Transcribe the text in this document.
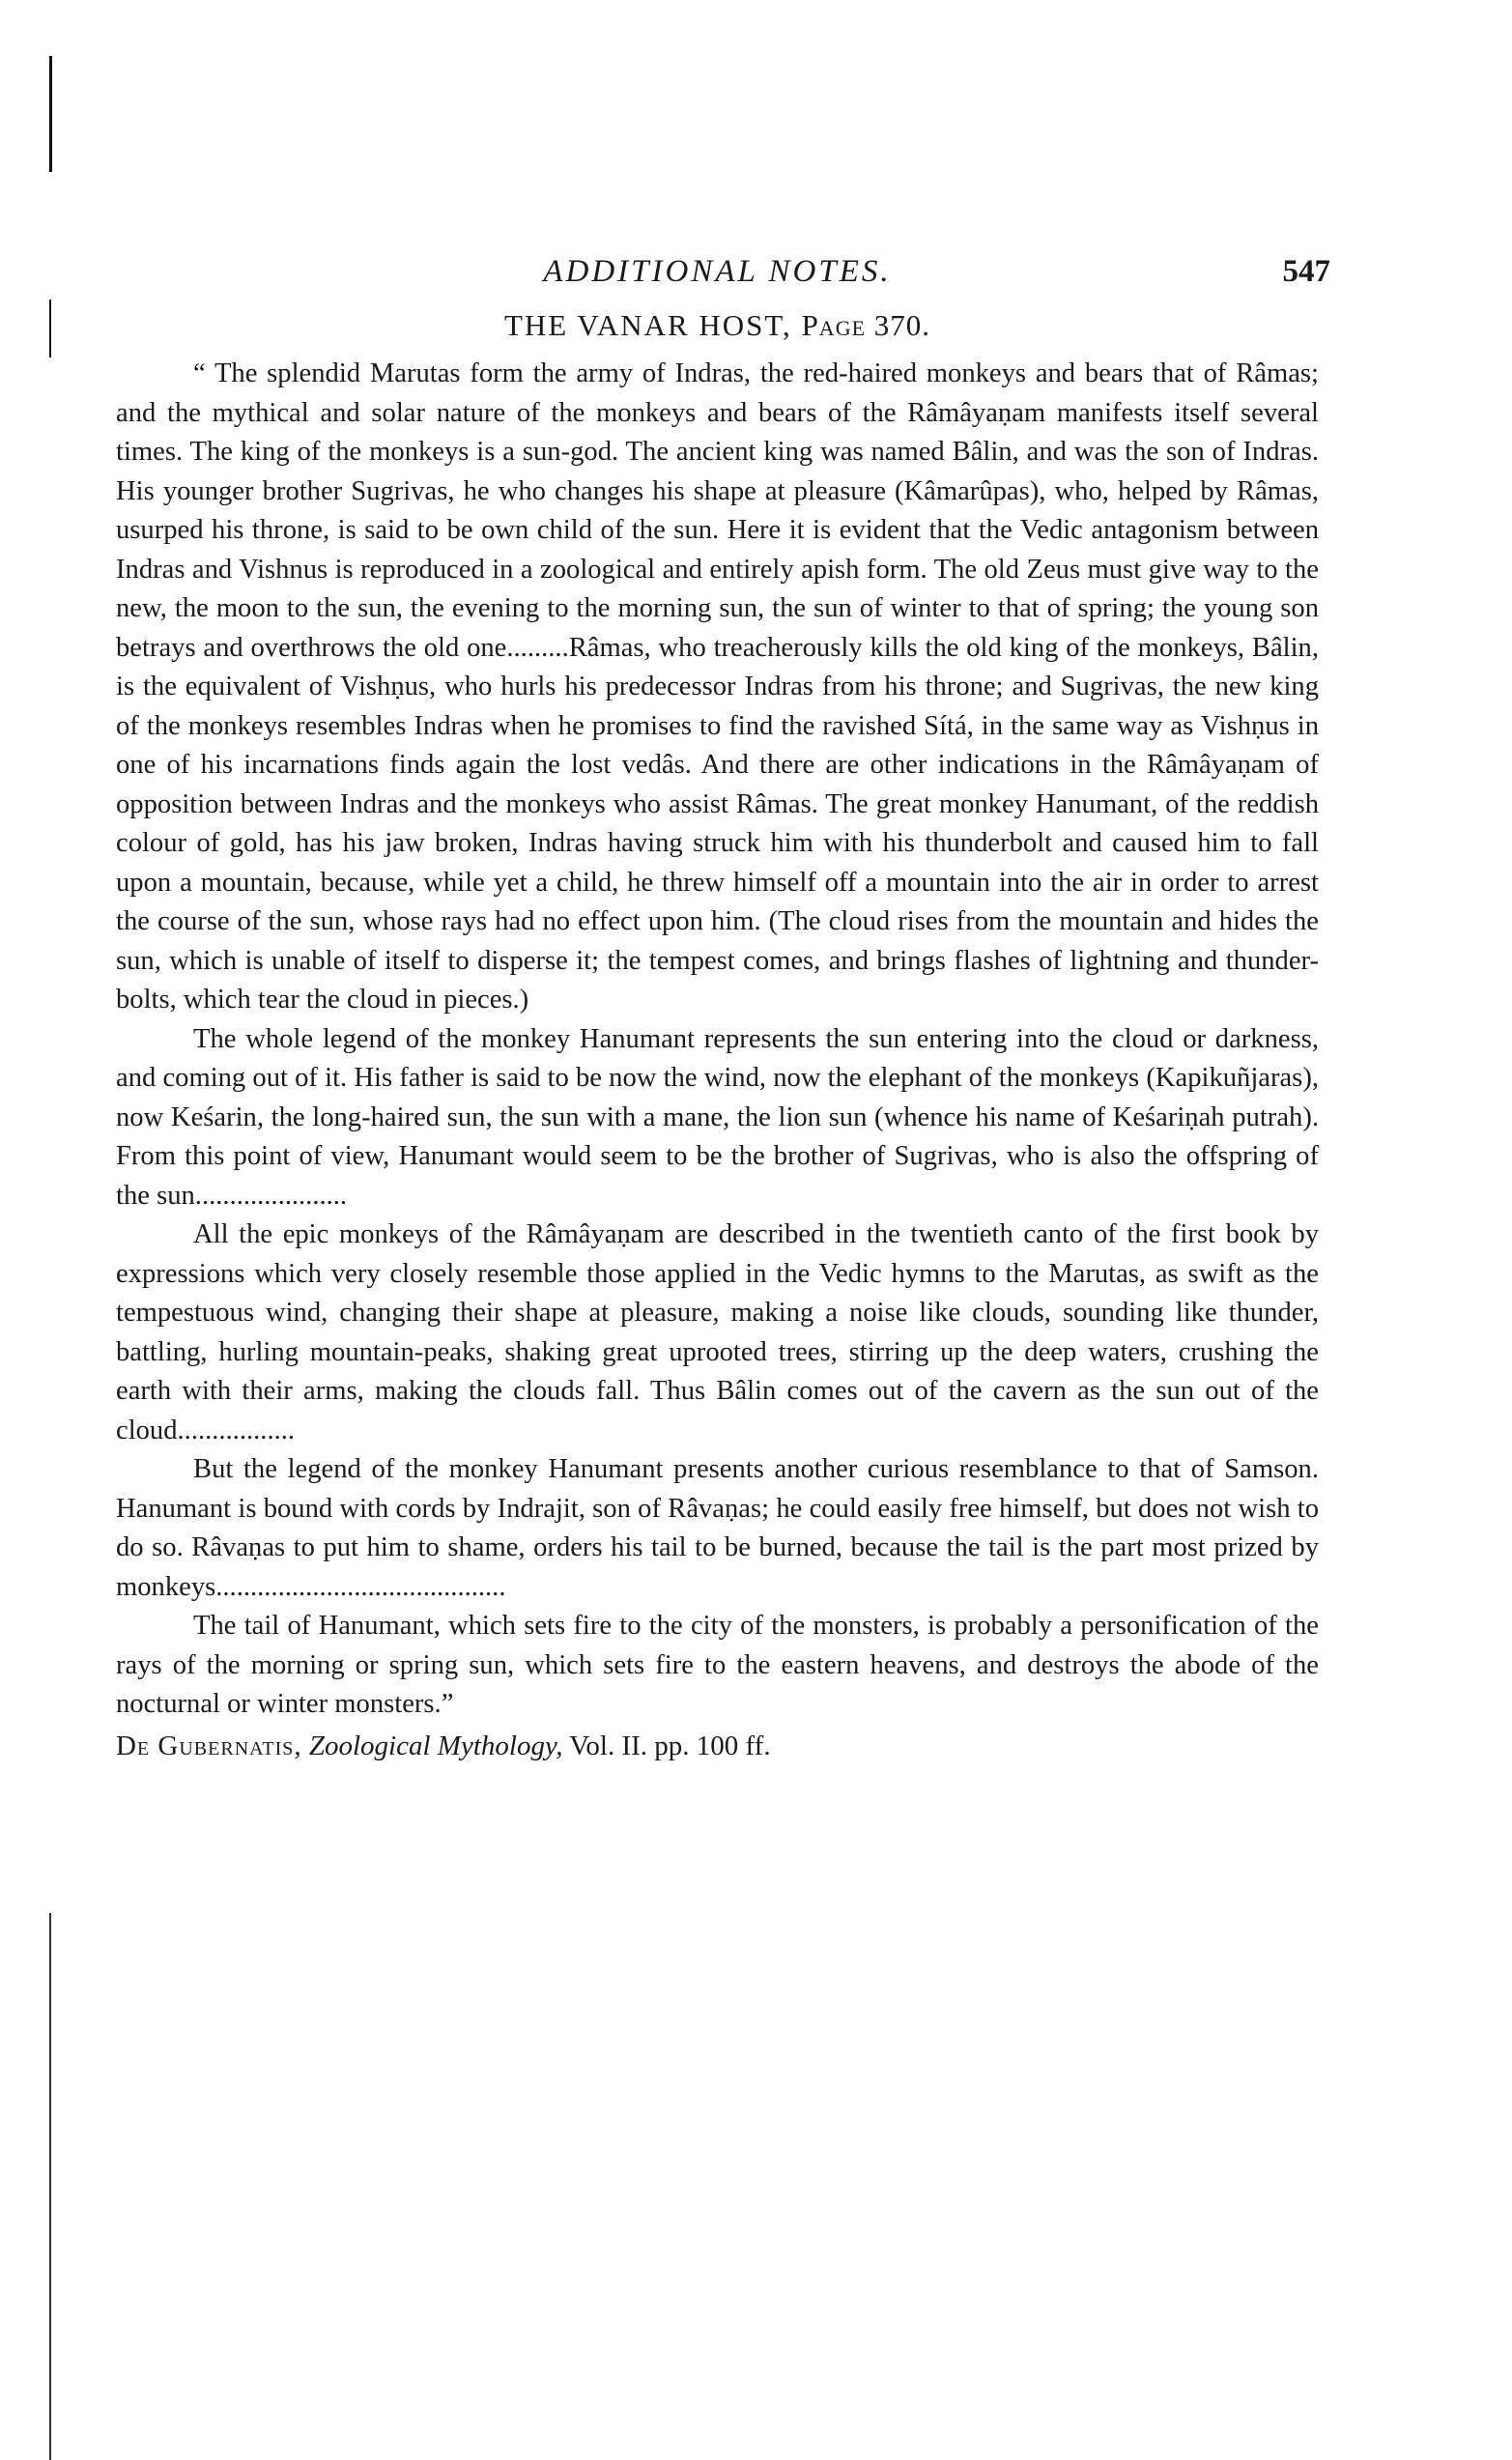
ADDITIONAL NOTES.	547
THE VANAR HOST, Page 370.

“ The splendid Marutas form the army of Indras, the red-haired monkeys and bears that of Râmas; and the mythical and solar nature of the monkeys and bears of the Râmâyaṇam manifests itself several times. The king of the monkeys is a sun-god. The ancient king was named Bâlin, and was the son of Indras. His younger brother Sugrivas, he who changes his shape at pleasure (Kâmarûpas), who, helped by Râmas, usurped his throne, is said to be own child of the sun. Here it is evident that the Vedic antagonism between Indras and Vishnus is reproduced in a zoological and entirely apish form. The old Zeus must give way to the new, the moon to the sun, the evening to the morning sun, the sun of winter to that of spring; the young son betrays and overthrows the old one.........Râmas, who treacherously kills the old king of the monkeys, Bâlin, is the equivalent of Vishṇus, who hurls his predecessor Indras from his throne; and Sugrivas, the new king of the monkeys resembles Indras when he promises to find the ravished Sítá, in the same way as Vishṇus in one of his incarnations finds again the lost vedâs. And there are other indications in the Râmâyaṇam of opposition between Indras and the monkeys who assist Râmas. The great monkey Hanumant, of the reddish colour of gold, has his jaw broken, Indras having struck him with his thunderbolt and caused him to fall upon a mountain, because, while yet a child, he threw himself off a mountain into the air in order to arrest the course of the sun, whose rays had no effect upon him. (The cloud rises from the mountain and hides the sun, which is unable of itself to disperse it; the tempest comes, and brings flashes of lightning and thunder-bolts, which tear the cloud in pieces.)

The whole legend of the monkey Hanumant represents the sun entering into the cloud or darkness, and coming out of it. His father is said to be now the wind, now the elephant of the monkeys (Kapikuñjaras), now Keśarin, the long-haired sun, the sun with a mane, the lion sun (whence his name of Keśariṇah putrah). From this point of view, Hanumant would seem to be the brother of Sugrivas, who is also the offspring of the sun......................

All the epic monkeys of the Râmâyaṇam are described in the twentieth canto of the first book by expressions which very closely resemble those applied in the Vedic hymns to the Marutas, as swift as the tempestuous wind, changing their shape at pleasure, making a noise like clouds, sounding like thunder, battling, hurling mountain-peaks, shaking great uprooted trees, stirring up the deep waters, crushing the earth with their arms, making the clouds fall. Thus Bâlin comes out of the cavern as the sun out of the cloud.................

But the legend of the monkey Hanumant presents another curious resemblance to that of Samson. Hanumant is bound with cords by Indrajit, son of Râvaṇas; he could easily free himself, but does not wish to do so. Râvaṇas to put him to shame, orders his tail to be burned, because the tail is the part most prized by monkeys..........................................

The tail of Hanumant, which sets fire to the city of the monsters, is probably a personification of the rays of the morning or spring sun, which sets fire to the eastern heavens, and destroys the abode of the nocturnal or winter monsters.”

De Gubernatis, Zoological Mythology, Vol. II. pp. 100 ff.
